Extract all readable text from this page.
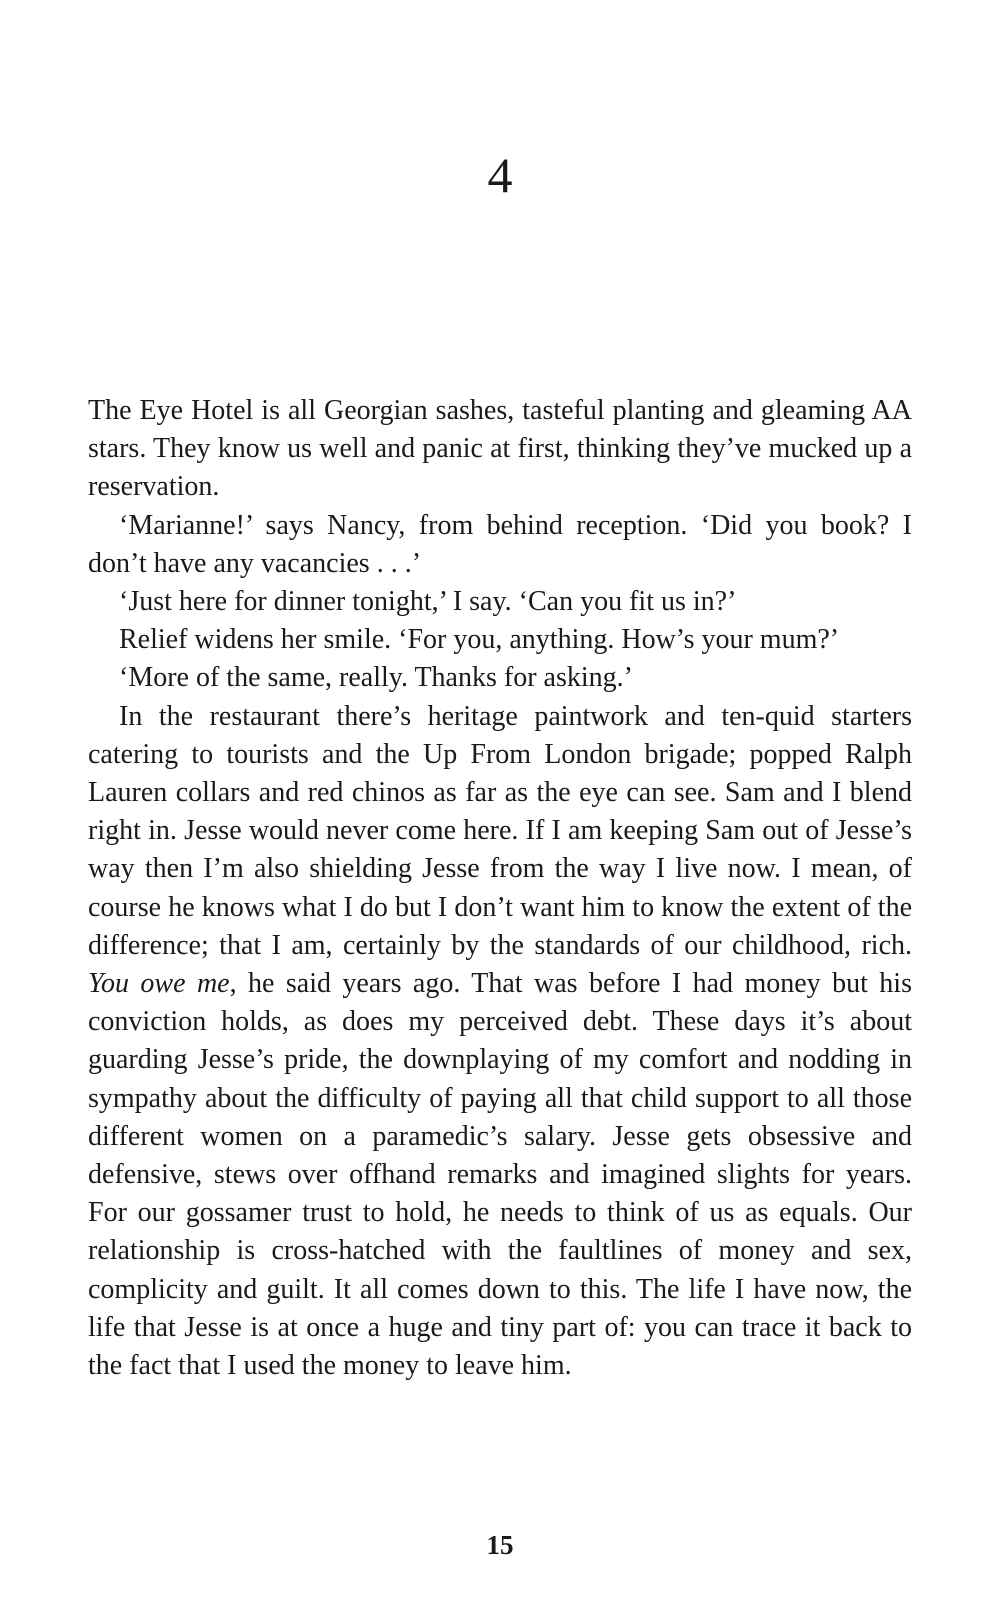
4

The Eye Hotel is all Georgian sashes, tasteful planting and gleaming AA stars. They know us well and panic at first, thinking they’ve mucked up a reservation.

‘Marianne!’ says Nancy, from behind reception. ‘Did you book? I don’t have any vacancies . . .’

‘Just here for dinner tonight,’ I say. ‘Can you fit us in?’

Relief widens her smile. ‘For you, anything. How’s your mum?’

‘More of the same, really. Thanks for asking.’

In the restaurant there’s heritage paintwork and ten-quid starters catering to tourists and the Up From London brigade; popped Ralph Lauren collars and red chinos as far as the eye can see. Sam and I blend right in. Jesse would never come here. If I am keeping Sam out of Jesse’s way then I’m also shielding Jesse from the way I live now. I mean, of course he knows what I do but I don’t want him to know the extent of the difference; that I am, certainly by the standards of our childhood, rich. You owe me, he said years ago. That was before I had money but his conviction holds, as does my perceived debt. These days it’s about guarding Jesse’s pride, the downplaying of my comfort and nodding in sympathy about the difficulty of paying all that child support to all those different women on a paramedic’s salary. Jesse gets obsessive and defensive, stews over offhand remarks and imagined slights for years. For our gossamer trust to hold, he needs to think of us as equals. Our relationship is cross-hatched with the faultlines of money and sex, complicity and guilt. It all comes down to this. The life I have now, the life that Jesse is at once a huge and tiny part of: you can trace it back to the fact that I used the money to leave him.

15
